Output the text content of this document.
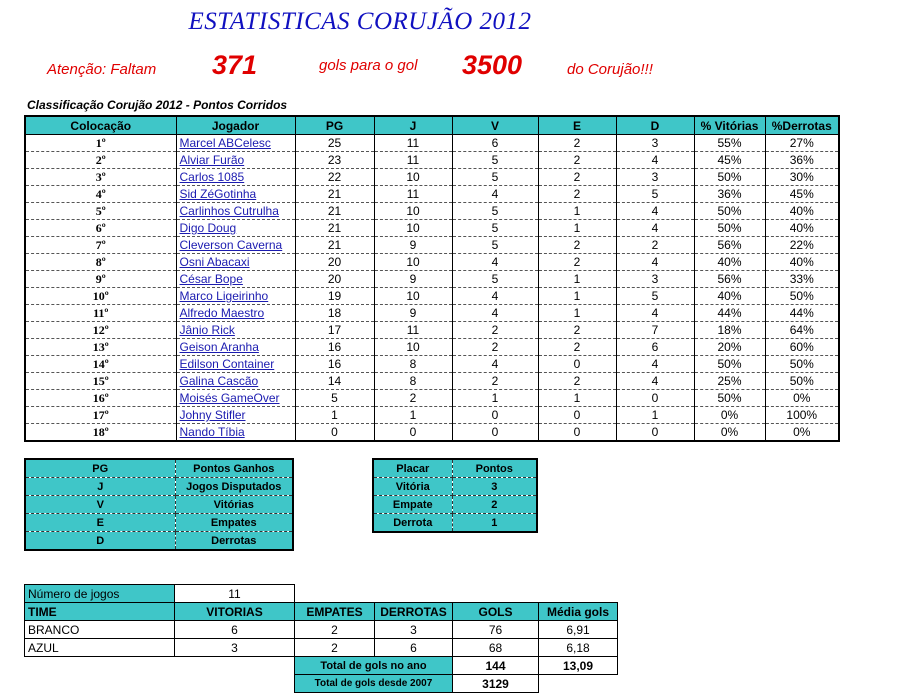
ESTATISTICAS CORUJÃO 2012
Atenção: Faltam 371	gols para o gol 3500	do Corujão!!!
Classificação Corujão 2012 - Pontos Corridos
Colocação	Jogador	PG	J	V	E	D	% Vitórias	%Derrotas
1º	Marcel ABCelesc	25	11	6	2	3	55%	27%
2º	Alviar Furão	23	11	5	2	4	45%	36%
3º	Carlos 1085	22	10	5	2	3	50%	30%
4º	Sid ZéGotinha	21	11	4	2	5	36%	45%
5º	Carlinhos Cutrulha	21	10	5	1	4	50%	40%
6º	Digo Doug	21	10	5	1	4	50%	40%
7º	Cleverson Caverna	21	9	5	2	2	56%	22%
8º	Osni Abacaxi	20	10	4	2	4	40%	40%
9º	César Bope	20	9	5	1	3	56%	33%
10º	Marco Ligeirinho	19	10	4	1	5	40%	50%
11º	Alfredo Maestro	18	9	4	1	4	44%	44%
12º	Jânio Rick	17	11	2	2	7	18%	64%
13º	Geison Aranha	16	10	2	2	6	20%	60%
14º	Edilson Container	16	8	4	0	4	50%	50%
15º	Galina Cascão	14	8	2	2	4	25%	50%
16º	Moisés GameOver	5	2	1	1	0	50%	0%
17º	Johny Stifler	1	1	0	0	1	0%	100%
18º	Nando Tíbia	0	0	0	0	0	0%	0%
PG	Pontos Ganhos
J	Jogos Disputados
V	Vitórias
E	Empates
D	Derrotas
Placar	Pontos
Vitória	3
Empate	2
Derrota	1
Número de jogos	11				
TIME	VITORIAS	EMPATES	DERROTAS	GOLS	Média gols
BRANCO	6	2	3	76	6,91
AZUL	3	2	6	68	6,18
		Total de gols no ano		144	13,09
		Total de gols desde 2007		3129	
